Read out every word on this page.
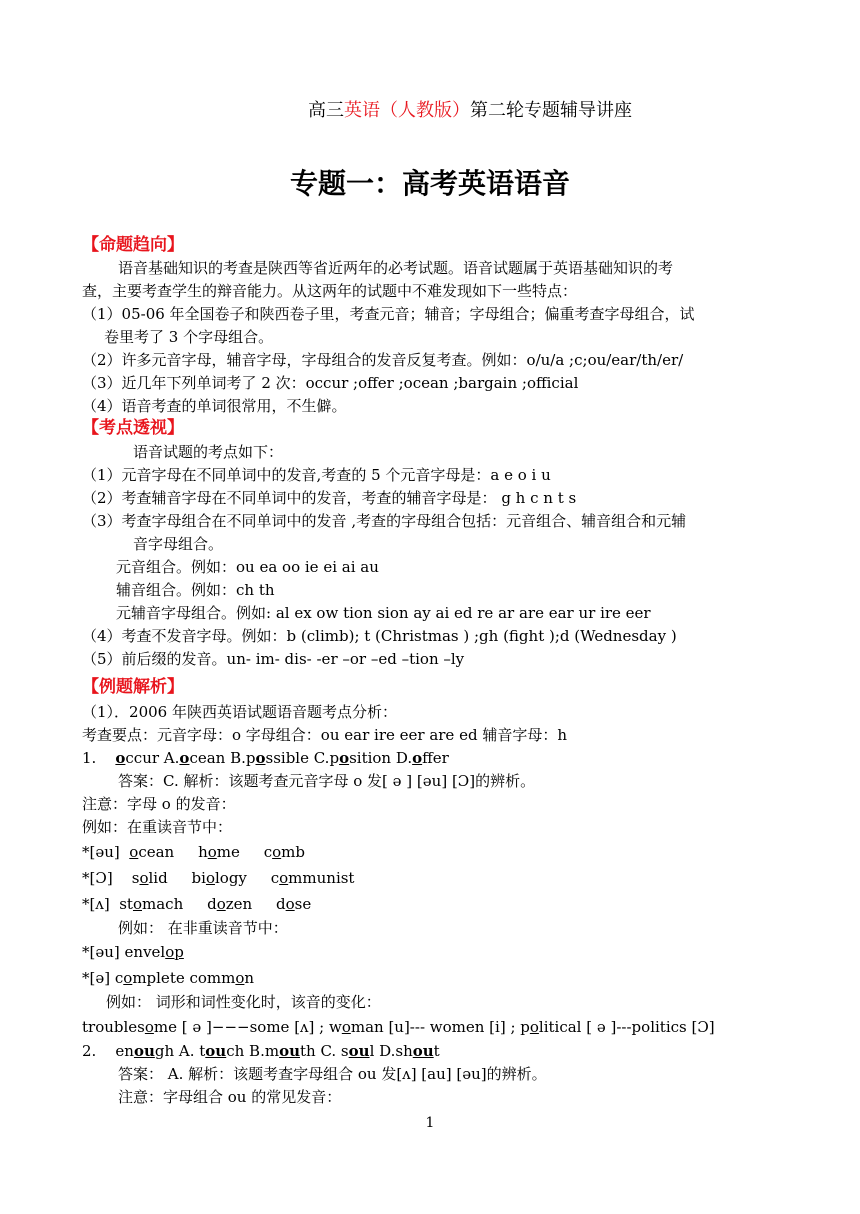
高三英语（人教版）第二轮专题辅导讲座
专题一：高考英语语音
【命题趋向】
语音基础知识的考查是陕西等省近两年的必考试题。语音试题属于英语基础知识的考
查，主要考查学生的辩音能力。从这两年的试题中不难发现如下一些特点：
（1）05-06 年全国卷子和陕西卷子里，考查元音；辅音；字母组合；偏重考查字母组合，试
卷里考了 3 个字母组合。
（2）许多元音字母，辅音字母，字母组合的发音反复考查。例如：o/u/a ;c;ou/ear/th/er/
（3）近几年下列单词考了 2 次：occur ;offer ;ocean ;bargain ;official
（4）语音考查的单词很常用，不生僻。
【考点透视】
语音试题的考点如下：
（1）元音字母在不同单词中的发音,考查的 5 个元音字母是：a e o i u
（2）考查辅音字母在不同单词中的发音，考查的辅音字母是： g h c n t s
（3）考查字母组合在不同单词中的发音 ,考查的字母组合包括：元音组合、辅音组合和元辅
音字母组合。
元音组合。例如：ou ea oo ie ei ai au
辅音组合。例如：ch th
元辅音字母组合。例如: al ex ow tion sion ay ai ed re ar are ear ur ire eer
（4）考查不发音字母。例如：b (climb); t (Christmas ) ;gh (fight );d (Wednesday )
（5）前后缀的发音。un- im- dis- -er –or –ed –tion –ly
【例题解析】
（1）．2006 年陕西英语试题语音题考点分析：
考查要点：元音字母：o 字母组合：ou ear ire eer are ed 辅音字母：h
1. occur A.ocean B.possible C.position D.offer
答案：C. 解析：该题考查元音字母 o 发[ ə ] [əu] [Ɔ]的辨析。
注意：字母 o 的发音：
例如：在重读音节中：
*[əu] ocean home comb
*[Ɔ] solid biology communist
*[ʌ] stomach dozen dose
例如： 在非重读音节中：
*[əu] envelop
*[ə] complete common
例如： 词形和词性变化时，该音的变化：
troublesome [ ə ]−−−some [ʌ] ; woman [u]--- women [i] ; political [ ə ]---politics [Ɔ]
2. enough A. touch B.mouth C. soul D.shout
答案： A. 解析：该题考查字母组合 ou 发[ʌ] [au] [əu]的辨析。
注意：字母组合 ou 的常见发音：
1
